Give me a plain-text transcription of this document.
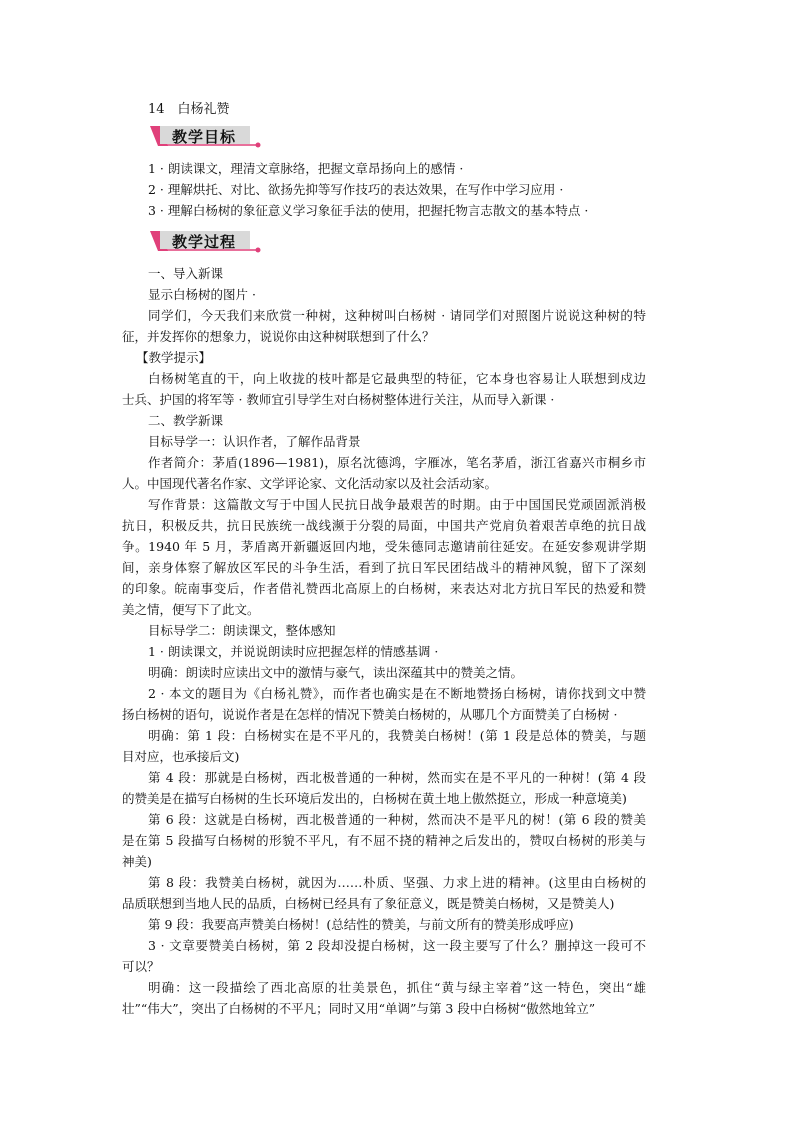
14　白杨礼赞
教学目标
1 · 朗读课文，理清文章脉络，把握文章昂扬向上的感情 ·
2 · 理解烘托、对比、欲扬先抑等写作技巧的表达效果，在写作中学习应用 ·
3 · 理解白杨树的象征意义学习象征手法的使用，把握托物言志散文的基本特点 ·
教学过程
一、导入新课
显示白杨树的图片 ·
同学们，今天我们来欣赏一种树，这种树叫白杨树 · 请同学们对照图片说说这种树的特
征，并发挥你的想象力，说说你由这种树联想到了什么？
【教学提示】
白杨树笔直的干，向上收拢的枝叶都是它最典型的特征，它本身也容易让人联想到戍边
士兵、护国的将军等 · 教师宜引导学生对白杨树整体进行关注，从而导入新课 ·
二、教学新课
目标导学一：认识作者，了解作品背景
作者简介：茅盾(1896—1981)，原名沈德鸿，字雁冰，笔名茅盾，浙江省嘉兴市桐乡市
人。中国现代著名作家、文学评论家、文化活动家以及社会活动家。
写作背景：这篇散文写于中国人民抗日战争最艰苦的时期。由于中国国民党顽固派消极
抗日，积极反共，抗日民族统一战线濒于分裂的局面，中国共产党肩负着艰苦卓绝的抗日战
争。1940 年 5 月，茅盾离开新疆返回内地，受朱德同志邀请前往延安。在延安参观讲学期
间，亲身体察了解放区军民的斗争生活，看到了抗日军民团结战斗的精神风貌，留下了深刻
的印象。皖南事变后，作者借礼赞西北高原上的白杨树，来表达对北方抗日军民的热爱和赞
美之情，便写下了此文。
目标导学二：朗读课文，整体感知
1 · 朗读课文，并说说朗读时应把握怎样的情感基调 ·
明确：朗读时应读出文中的激情与豪气，读出深蕴其中的赞美之情。
2 · 本文的题目为《白杨礼赞》，而作者也确实是在不断地赞扬白杨树，请你找到文中赞
扬白杨树的语句，说说作者是在怎样的情况下赞美白杨树的，从哪几个方面赞美了白杨树 ·
明确：第 1 段：白杨树实在是不平凡的，我赞美白杨树！(第 1 段是总体的赞美，与题
目对应，也承接后文)
第 4 段：那就是白杨树，西北极普通的一种树，然而实在是不平凡的一种树！(第 4 段
的赞美是在描写白杨树的生长环境后发出的，白杨树在黄土地上傲然挺立，形成一种意境美)
第 6 段：这就是白杨树，西北极普通的一种树，然而决不是平凡的树！(第 6 段的赞美
是在第 5 段描写白杨树的形貌不平凡，有不屈不挠的精神之后发出的，赞叹白杨树的形美与
神美)
第 8 段：我赞美白杨树，就因为……朴质、坚强、力求上进的精神。(这里由白杨树的
品质联想到当地人民的品质，白杨树已经具有了象征意义，既是赞美白杨树，又是赞美人)
第 9 段：我要高声赞美白杨树！(总结性的赞美，与前文所有的赞美形成呼应)
3 · 文章要赞美白杨树，第 2 段却没提白杨树，这一段主要写了什么？删掉这一段可不
可以？
明确：这一段描绘了西北高原的壮美景色，抓住“黄与绿主宰着”这一特色，突出“雄
壮”“伟大”，突出了白杨树的不平凡；同时又用“单调”与第 3 段中白杨树“傲然地耸立”
